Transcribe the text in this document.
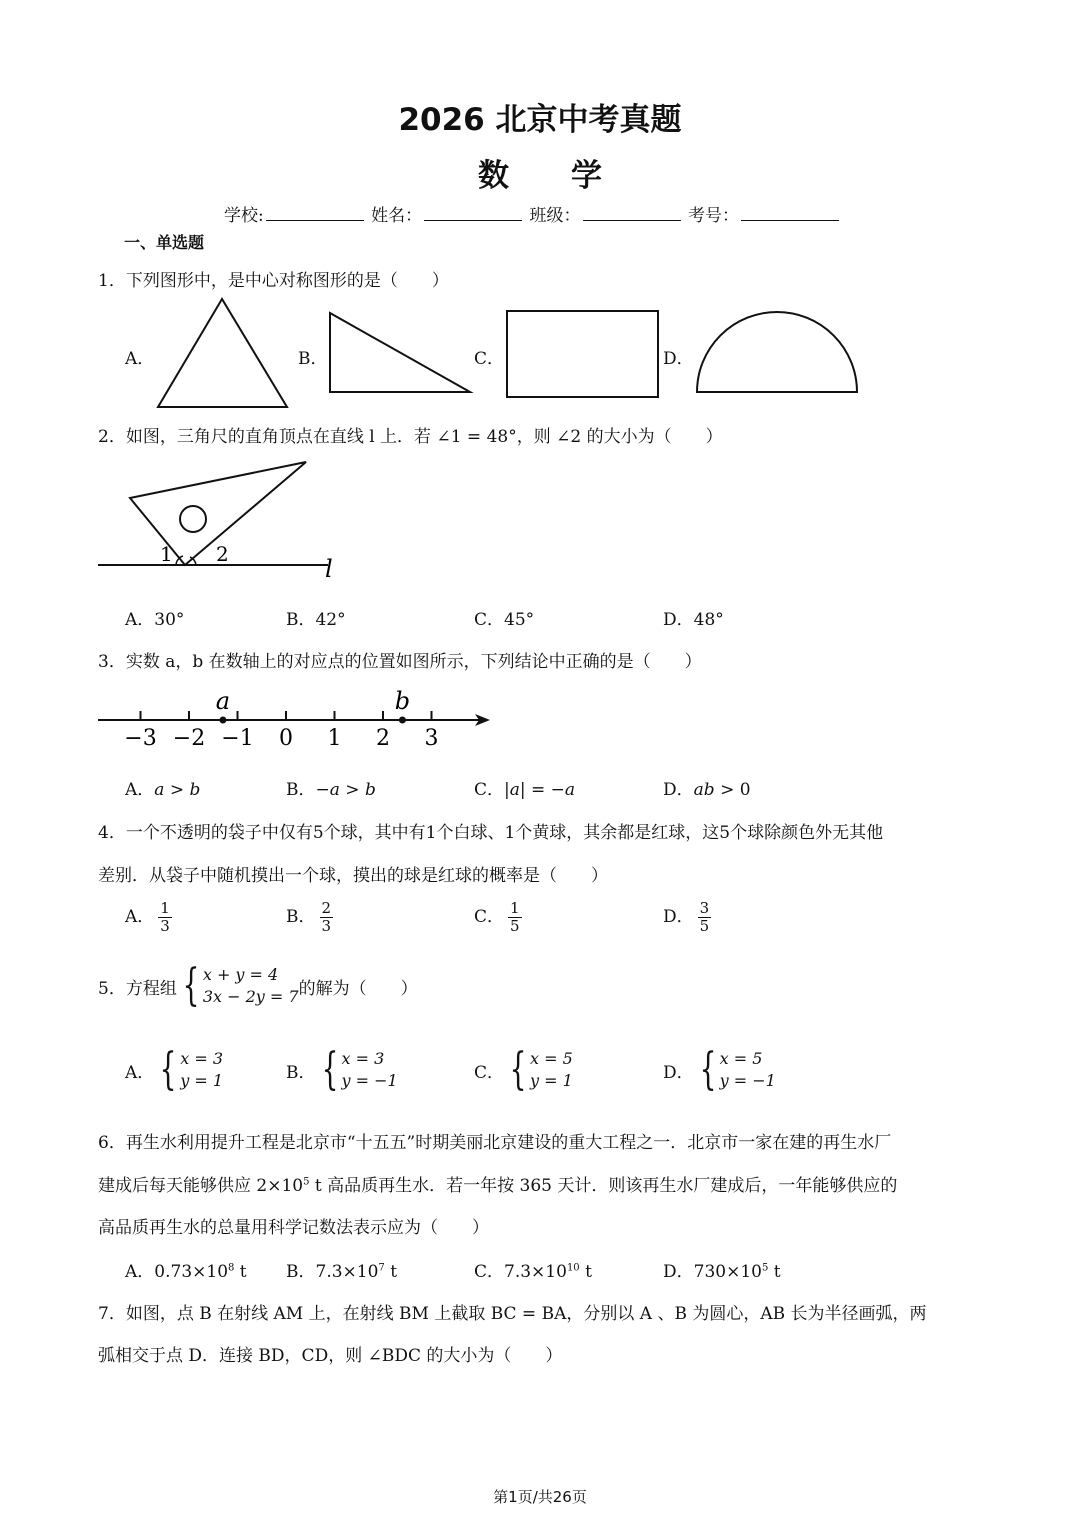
2026 北京中考真题
数　　学
学校:	姓名：	班级：	考号：
一、单选题
1．下列图形中，是中心对称图形的是（　　）
A．	B．	C．	D．
2．如图，三角尺的直角顶点在直线 l 上．若 ∠1 = 48°，则 ∠2 的大小为（　　）
1 2
l
A．30°	B．42°	C．45°	D．48°
3．实数 a，b 在数轴上的对应点的位置如图所示，下列结论中正确的是（　　）
−3 −2 −1 0 1 2 3
a	b
A．a > b	B．−a > b	C．|a| = −a	D．ab > 0
4．一个不透明的袋子中仅有5个球，其中有1个白球、1个黄球，其余都是红球，这5个球除颜色外无其他
差别．从袋子中随机摸出一个球，摸出的球是红球的概率是（　　）
A． $\frac{1}{3}$	B． $\frac{2}{3}$	C． $\frac{1}{5}$	D． $\frac{3}{5}$
5．方程组 { x + y = 4
3x − 2y = 7 的解为（　　）
A． { x = 3
y = 1	B． { x = 3
y = −1	C． { x = 5
y = 1	D． { x = 5
y = −1
6．再生水利用提升工程是北京市“十五五”时期美丽北京建设的重大工程之一．北京市一家在建的再生水厂
建成后每天能够供应 $2\times 10^5$ t 高品质再生水．若一年按 365 天计．则该再生水厂建成后，一年能够供应的
高品质再生水的总量用科学记数法表示应为（　　）
A．$0.73\times 10^8$ t B．$7.3\times 10^7$ t	C．$7.3\times 10^{10}$ t	D．$730\times 10^5$ t
7．如图，点 B 在射线 AM 上，在射线 BM 上截取 BC = BA，分别以 A 、B 为圆心，AB 长为半径画弧，两
弧相交于点 D．连接 BD，CD，则 ∠BDC 的大小为（　　）
第1页/共26页
